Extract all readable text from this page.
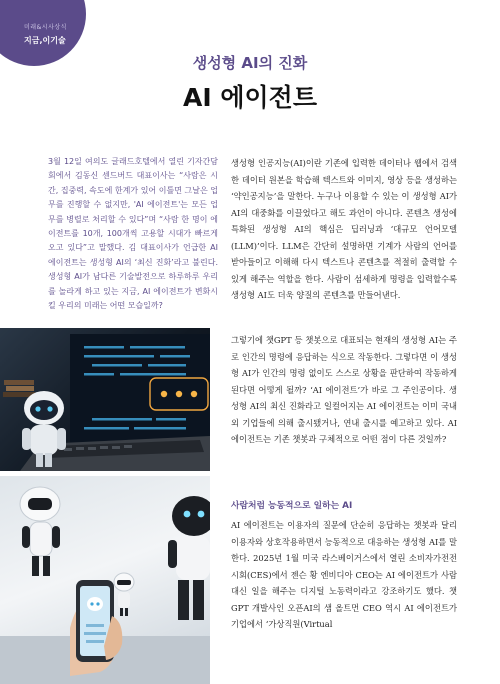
미래&시사상식
지금,이기술
생성형 AI의 진화
AI 에이전트
3월 12일 여의도 글래드호텔에서 열린 기자간담회에서 김동신 센드버드 대표이사는 “사람은 시간, 집중력, 속도에 한계가 있어 이틀면 그날은 업무를 진행할 수 없지만, 'AI 에이전트'는 모든 업무를 병렬로 처리할 수 있다”며 “사람 한 명이 에이전트를 10개, 100개씩 고용할 시대가 빠르게 오고 있다”고 말했다. 김 대표이사가 언급한 AI 에이전트는 생성형 AI의 ‘최신 진화’라고 불린다. 생성형 AI가 남다른 기술발전으로 하루하루 우리를 놀라게 하고 있는 지금, AI 에이전트가 변화시킬 우리의 미래는 어떤 모습일까?

생성형 인공지능(AI)이란 기존에 입력한 데이터나 웹에서 검색한 데이터 원본을 학습해 텍스트와 이미지, 영상 등을 생성하는 ‘약인공지능’을 말한다. 누구나 이용할 수 있는 이 생성형 AI가 AI의 대중화를 이끌었다고 해도 과언이 아니다. 콘텐츠 생성에 특화된 생성형 AI의 핵심은 딥러닝과 ‘대규모 언어모델(LLM)’이다. LLM은 간단히 설명하면 기계가 사람의 언어를 받아들이고 이해해 다시 텍스트나 콘텐츠를 적절히 출력할 수 있게 해주는 역할을 한다. 사람이 섬세하게 명령을 입력할수록 생성형 AI도 더욱 양질의 콘텐츠를 만들어낸다.

그렇기에 챗GPT 등 챗봇으로 대표되는 현재의 생성형 AI는 주로 인간의 명령에 응답하는 식으로 작동한다. 그렇다면 이 생성형 AI가 인간의 명령 없이도 스스로 상황을 판단하여 작동하게 된다면 어떻게 될까? ‘AI 에이전트’가 바로 그 주인공이다. 생성형 AI의 최신 진화라고 일컬어지는 AI 에이전트는 이미 국내외 기업들에 의해 출시됐거나, 연내 출시를 예고하고 있다. AI 에이전트는 기존 챗봇과 구체적으로 어떤 점이 다른 것일까?

사람처럼 능동적으로 일하는 AI

AI 에이전트는 이용자의 질문에 단순히 응답하는 챗봇과 달리 이용자와 상호작용하면서 능동적으로 대응하는 생성형 AI를 말한다. 2025년 1월 미국 라스베이거스에서 열린 소비자가전전시회(CES)에서 젠슨 황 엔비디아 CEO는 AI 에이전트가 사람 대신 일을 해주는 디지털 노동력이라고 강조하기도 했다. 챗GPT 개발사인 오픈AI의 샘 올트먼 CEO 역시 AI 에이전트가 기업에서 ‘가상직원(Virtual
